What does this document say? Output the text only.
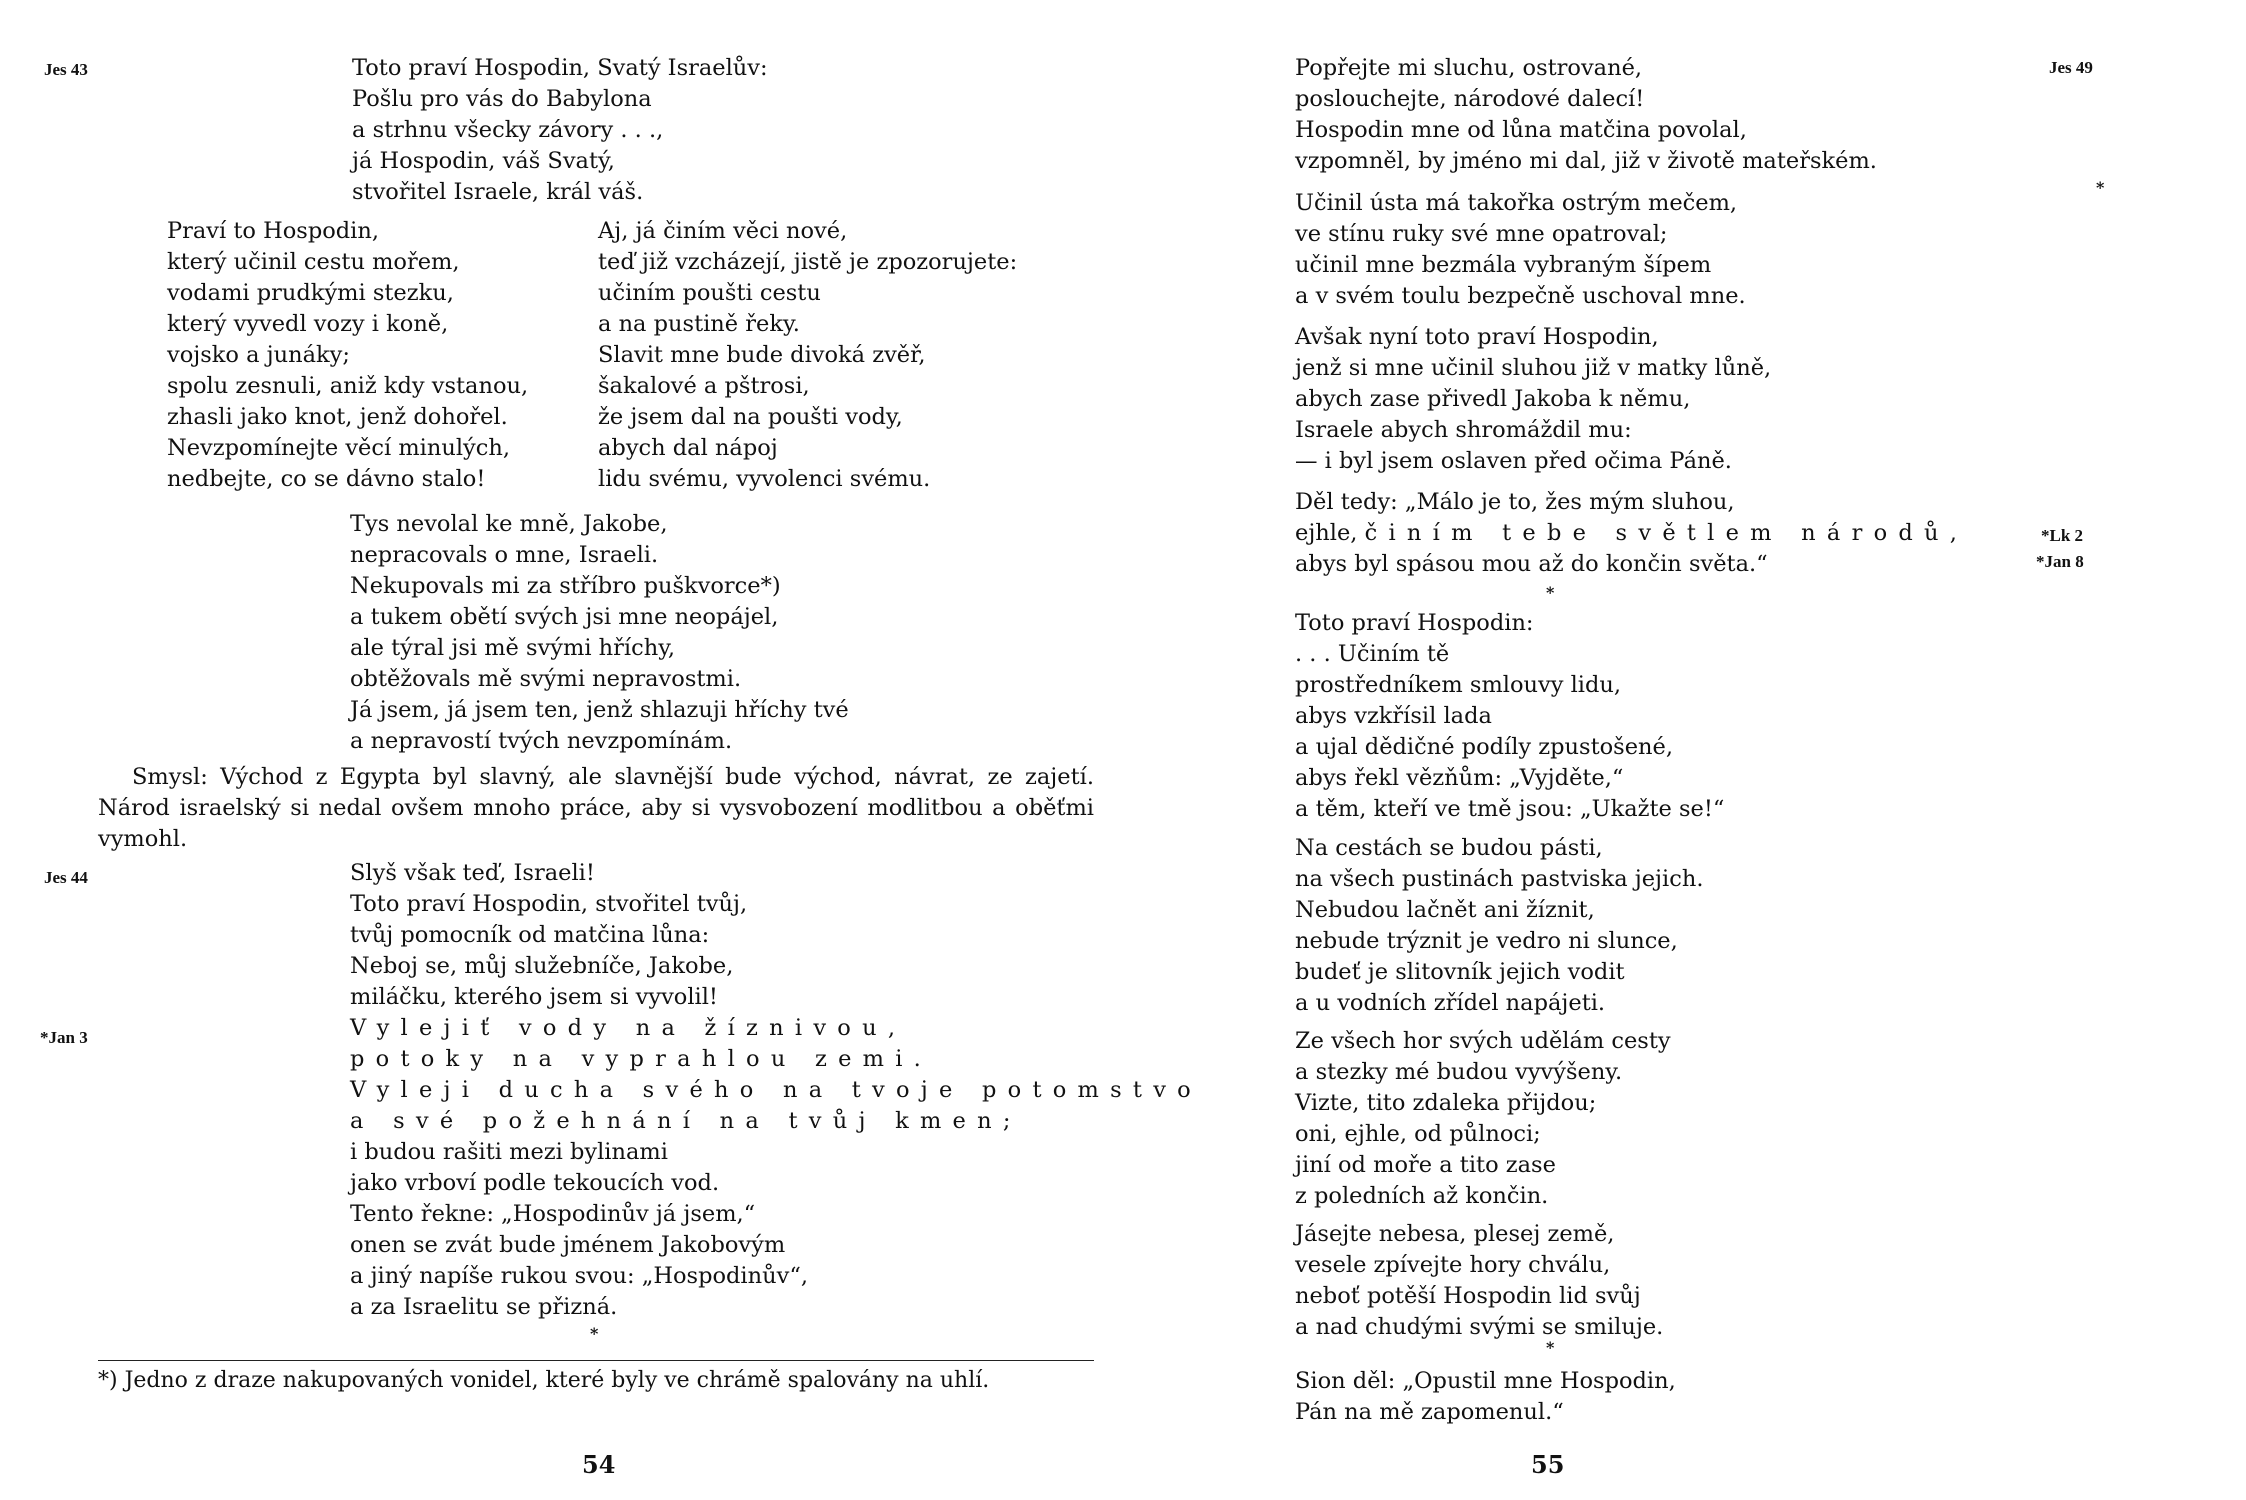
Jes 43	Toto praví Hospodin, Svatý Israelův:
Pošlu pro vás do Babylona
a strhnu všecky závory . . .,
já Hospodin, váš Svatý,
stvořitel Israele, král váš.
Praví to Hospodin,
který učinil cestu mořem,
vodami prudkými stezku,
který vyvedl vozy i koně,
vojsko a junáky;
spolu zesnuli, aniž kdy vstanou,
zhasli jako knot, jenž dohořel.
Nevzpomínejte věcí minulých,
nedbejte, co se dávno stalo!
Aj, já činím věci nové,
teď již vzcházejí, jistě je zpozorujete:
učiním poušti cestu
a na pustině řeky.
Slavit mne bude divoká zvěř,
šakalové a pštrosi,
že jsem dal na poušti vody,
abych dal nápoj
lidu svému, vyvolenci svému.
Tys nevolal ke mně, Jakobe,
nepracovals o mne, Israeli.
Nekupovals mi za stříbro puškvorce*)
a tukem obětí svých jsi mne neopájel,
ale týral jsi mě svými hříchy,
obtěžovals mě svými nepravostmi.
Já jsem, já jsem ten, jenž shlazuji hříchy tvé
a nepravostí tvých nevzpomínám.
Smysl: Východ z Egypta byl slavný, ale slavnější bude východ, návrat, ze zajetí. Národ israelský si nedal ovšem mnoho práce, aby si vysvobození modlitbou a oběťmi vymohl.
Jes 44
*Jan 3
Slyš však teď, Israeli!
Toto praví Hospodin, stvořitel tvůj,
tvůj pomocník od matčina lůna:
Neboj se, můj služebníče, Jakobe,
miláčku, kterého jsem si vyvolil!
Vylejiť vody na žíznivou,
potoky na vyprahlou zemi.
Vyleji ducha svého na tvoje potomstvo
a své požehnání na tvůj kmen;
i budou rašiti mezi bylinami
jako vrboví podle tekoucích vod.
Tento řekne: „Hospodinův já jsem,“
onen se zvát bude jménem Jakobovým
a jiný napíše rukou svou: „Hospodinův“,
a za Israelitu se přizná.
*
*) Jedno z draze nakupovaných vonidel, které byly ve chrámě spalovány na uhlí.
54
Jes 49
*
*Lk 2
*Jan 8
Popřejte mi sluchu, ostrované,
poslouchejte, národové dalecí!
Hospodin mne od lůna matčina povolal,
vzpomněl, by jméno mi dal, již v životě mateřském.
Učinil ústa má takořka ostrým mečem,
ve stínu ruky své mne opatroval;
učinil mne bezmála vybraným šípem
a v svém toulu bezpečně uschoval mne.
Avšak nyní toto praví Hospodin,
jenž si mne učinil sluhou již v matky lůně,
abych zase přivedl Jakoba k němu,
Israele abych shromáždil mu:
— i byl jsem oslaven před očima Páně.
Děl tedy: „Málo je to, žes mým sluhou,
ejhle, činím tebe světlem národů,
abys byl spásou mou až do končin světa.“
*
Toto praví Hospodin:
. . . Učiním tě
prostředníkem smlouvy lidu,
abys vzkřísil lada
a ujal dědičné podíly zpustošené,
abys řekl vězňům: „Vyjděte,“
a těm, kteří ve tmě jsou: „Ukažte se!“
Na cestách se budou pásti,
na všech pustinách pastviska jejich.
Nebudou lačnět ani žíznit,
nebude trýznit je vedro ni slunce,
budeť je slitovník jejich vodit
a u vodních zřídel napájeti.
Ze všech hor svých udělám cesty
a stezky mé budou vyvýšeny.
Vizte, tito zdaleka přijdou;
oni, ejhle, od půlnoci;
jiní od moře a tito zase
z poledních až končin.
Jásejte nebesa, plesej země,
vesele zpívejte hory chválu,
neboť potěší Hospodin lid svůj
a nad chudými svými se smiluje.
*
Sion děl: „Opustil mne Hospodin,
Pán na mě zapomenul.“
55
